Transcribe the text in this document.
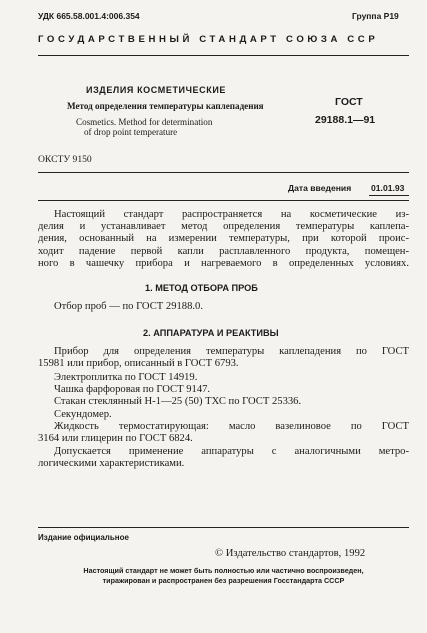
УДК 665.58.001.4:006.354	Группа Р19
ГОСУДАРСТВЕННЫЙ СТАНДАРТ СОЮЗА ССР
ИЗДЕЛИЯ КОСМЕТИЧЕСКИЕ
Метод определения температуры каплепадения
Cosmetics. Method for determination
of drop point temperature
ГОСТ
29188.1—91
ОКСТУ 9150
Дата введения 01.01.93
Настоящий стандарт распространяется на косметические из-
делия и устанавливает метод определения температуры каплепа-
дения, основанный на измерении температуры, при которой проис-
ходит падение первой капли расплавленного продукта, помещен-
ного в чашечку прибора и нагреваемого в определенных условиях.
1. МЕТОД ОТБОРА ПРОБ
Отбор проб — по ГОСТ 29188.0.
2. АППАРАТУРА И РЕАКТИВЫ
Прибор для определения температуры каплепадения по ГОСТ
15981 или прибор, описанный в ГОСТ 6793.
Электроплитка по ГОСТ 14919.
Чашка фарфоровая по ГОСТ 9147.
Стакан стеклянный Н-1—25 (50) ТХС по ГОСТ 25336.
Секундомер.
Жидкость термостатирующая: масло вазелиновое по ГОСТ
3164 или глицерин по ГОСТ 6824.
Допускается применение аппаратуры с аналогичными метро-
логическими характеристиками.
Издание официальное
© Издательство стандартов, 1992
Настоящий стандарт не может быть полностью или частично воспроизведен,
тиражирован и распространен без разрешения Госстандарта СССР
